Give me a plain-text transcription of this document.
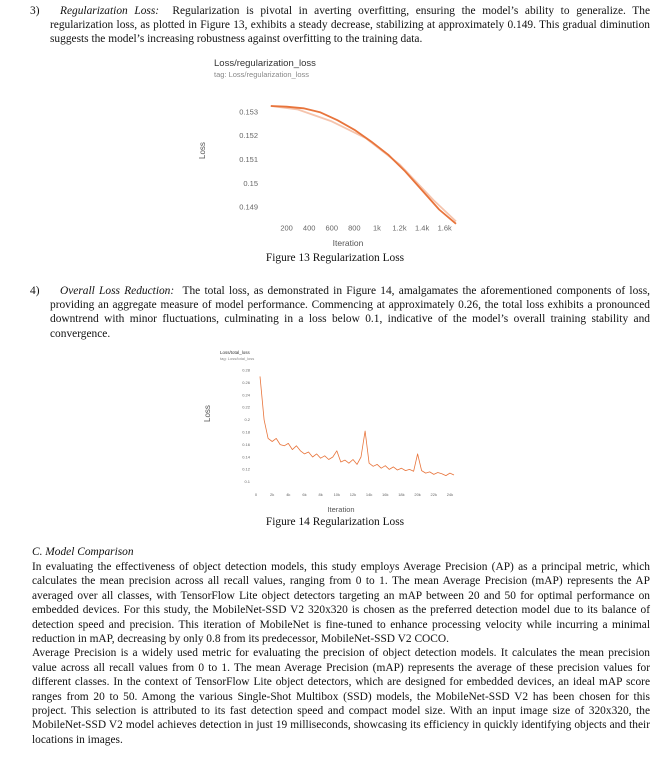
3) Regularization Loss: Regularization is pivotal in averting overfitting, ensuring the model’s ability to generalize. The regularization loss, as plotted in Figure 13, exhibits a steady decrease, stabilizing at approximately 0.149. This gradual diminution suggests the model’s increasing robustness against overfitting to the training data.
Loss/regularization_loss
tag: Loss/regularization_loss
Loss
Iteration
0.149
0.15
0.151
0.152
0.153
200 400 600 800 1k 1.2k 1.4k 1.6k
Figure 13 Regularization Loss
4) Overall Loss Reduction: The total loss, as demonstrated in Figure 14, amalgamates the aforementioned components of loss, providing an aggregate measure of model performance. Commencing at approximately 0.26, the total loss exhibits a pronounced downtrend with minor fluctuations, culminating in a loss below 0.1, indicative of the model’s overall training stability and convergence.
Loss/total_loss
tag: Loss/total_loss
Loss
Iteration
0.1
0.12
0.14
0.16
0.18
0.2
0.22
0.24
0.26
0.28
0	2k	4k	6k	8k	10k 12k 14k 16k 18k 20k 22k 24k
Figure 14 Regularization Loss
C. Model Comparison

In evaluating the effectiveness of object detection models, this study employs Average Precision (AP) as a principal metric, which calculates the mean precision across all recall values, ranging from 0 to 1. The mean Average Precision (mAP) represents the AP averaged over all classes, with TensorFlow Lite object detectors targeting an mAP between 20 and 50 for optimal performance on embedded devices. For this study, the MobileNet-SSD V2 320x320 is chosen as the preferred detection model due to its balance of detection speed and precision. This iteration of MobileNet is fine-tuned to enhance processing velocity while incurring a minimal reduction in mAP, decreasing by only 0.8 from its predecessor, MobileNet-SSD V2 COCO.

Average Precision is a widely used metric for evaluating the precision of object detection models. It calculates the mean precision value across all recall values from 0 to 1. The mean Average Precision (mAP) represents the average of these precision values for different classes. In the context of TensorFlow Lite object detectors, which are designed for embedded devices, an ideal mAP score ranges from 20 to 50. Among the various Single-Shot Multibox (SSD) models, the MobileNet-SSD V2 has been chosen for this project. This selection is attributed to its fast detection speed and compact model size. With an input image size of 320x320, the MobileNet-SSD V2 model achieves detection in just 19 milliseconds, showcasing its efficiency in quickly identifying objects and their locations in images.
